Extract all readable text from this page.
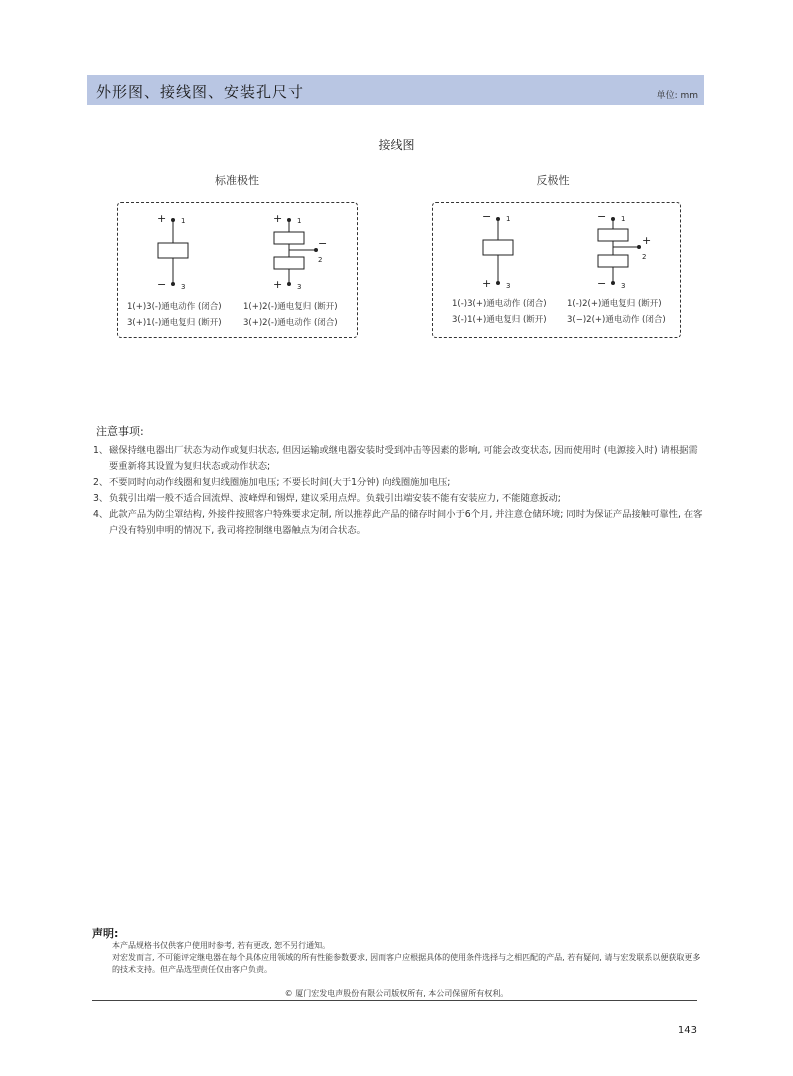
外形图、接线图、安装孔尺寸	单位: mm
接线图
标准极性
+ 1
− 3
+ 1
−
2
+ 3
1(+)3(-)通电动作 (闭合)
3(+)1(-)通电复归 (断开)
1(+)2(-)通电复归 (断开)
3(+)2(-)通电动作 (闭合)
反极性
− 1
+ 3
− 1
+
2
− 3
1(-)3(+)通电动作 (闭合)
3(-)1(+)通电复归 (断开)
1(-)2(+)通电复归 (断开)
3(−)2(+)通电动作 (闭合)
注意事项:
1、 磁保持继电器出厂状态为动作或复归状态, 但因运输或继电器安装时受到冲击等因素的影响, 可能会改变状态, 因而使用时 (电源接入时) 请根据需要重新将其设置为复归状态或动作状态;
2、 不要同时向动作线圈和复归线圈施加电压; 不要长时间(大于1分钟) 向线圈施加电压;
3、 负载引出端一般不适合回流焊、波峰焊和锡焊, 建议采用点焊。负载引出端安装不能有安装应力, 不能随意扳动;
4、 此款产品为防尘罩结构, 外接件按照客户特殊要求定制, 所以推荐此产品的储存时间小于6个月, 并注意仓储环境; 同时为保证产品接触可靠性, 在客户没有特别申明的情况下, 我司将控制继电器触点为闭合状态。
声明:
本产品规格书仅供客户使用时参考, 若有更改, 恕不另行通知。
对宏发而言, 不可能评定继电器在每个具体应用领域的所有性能参数要求, 因而客户应根据具体的使用条件选择与之相匹配的产品, 若有疑问, 请与宏发联系以便获取更多的技术支持。但产品选型责任仅由客户负责。
© 厦门宏发电声股份有限公司版权所有, 本公司保留所有权利。
143
